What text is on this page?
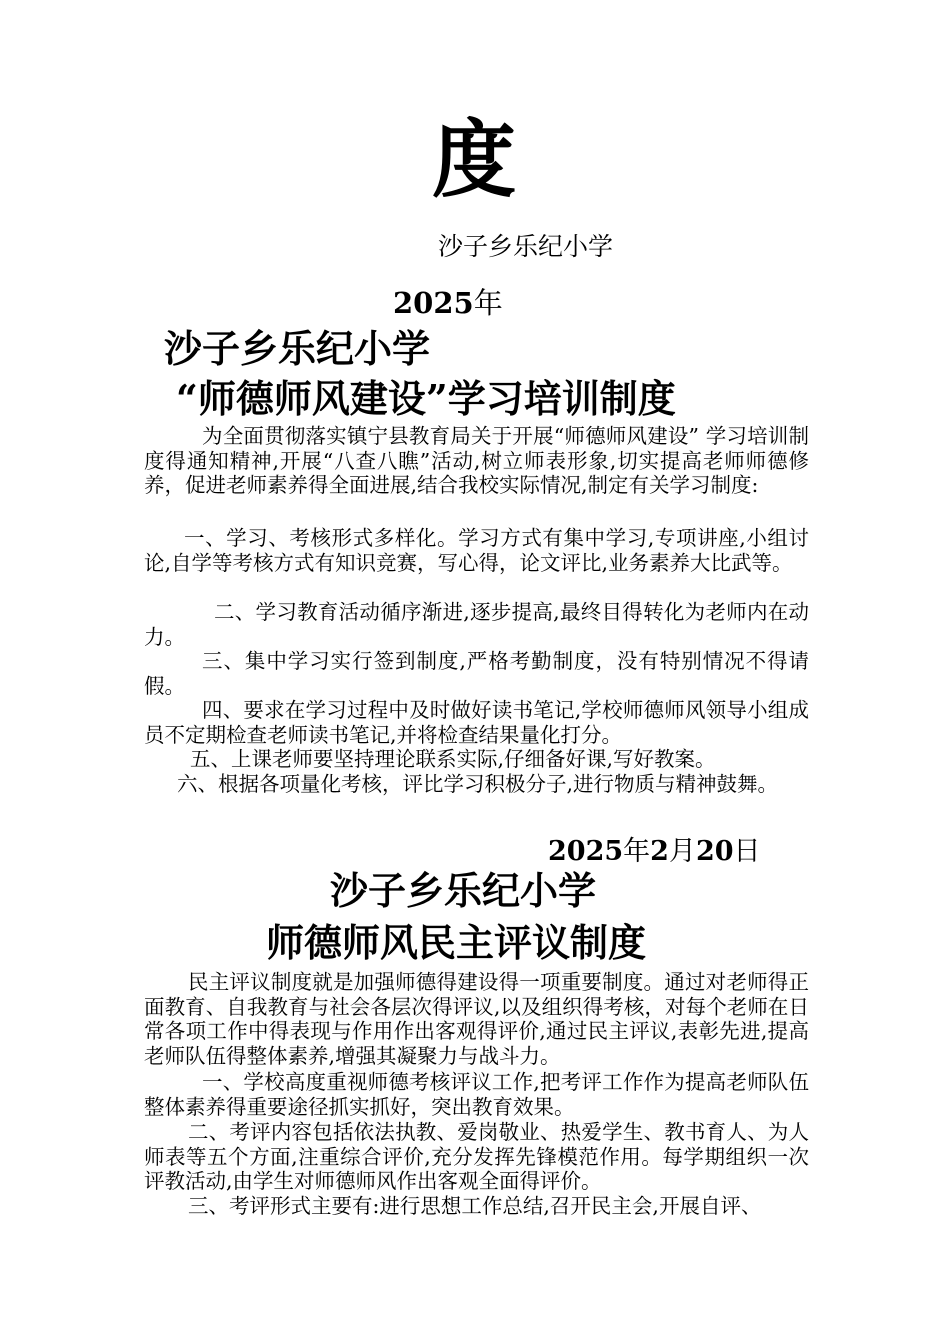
度
沙子乡乐纪小学
2025年
沙子乡乐纪小学
“师德师风建设”学习培训制度
为全面贯彻落实镇宁县教育局关于开展“师德师风建设” 学习培训制度得通知精神,开展“八查八瞧”活动,树立师表形象,切实提高老师师德修养，促进老师素养得全面进展,结合我校实际情况,制定有关学习制度:
一、学习、考核形式多样化。学习方式有集中学习,专项讲座,小组讨论,自学等考核方式有知识竞赛，写心得，论文评比,业务素养大比武等。
二、学习教育活动循序渐进,逐步提高,最终目得转化为老师内在动力。
三、集中学习实行签到制度,严格考勤制度，没有特别情况不得请假。
四、要求在学习过程中及时做好读书笔记,学校师德师风领导小组成员不定期检查老师读书笔记,并将检查结果量化打分。
五、上课老师要坚持理论联系实际,仔细备好课,写好教案。
六、根据各项量化考核，评比学习积极分子,进行物质与精神鼓舞。
2025年2月20日
沙子乡乐纪小学
师德师风民主评议制度
民主评议制度就是加强师德得建设得一项重要制度。通过对老师得正面教育、自我教育与社会各层次得评议,以及组织得考核，对每个老师在日常各项工作中得表现与作用作出客观得评价,通过民主评议,表彰先进,提高老师队伍得整体素养,增强其凝聚力与战斗力。
一、学校高度重视师德考核评议工作,把考评工作作为提高老师队伍整体素养得重要途径抓实抓好，突出教育效果。
二、考评内容包括依法执教、爱岗敬业、热爱学生、教书育人、为人师表等五个方面,注重综合评价,充分发挥先锋模范作用。每学期组织一次评教活动,由学生对师德师风作出客观全面得评价。
三、考评形式主要有:进行思想工作总结,召开民主会,开展自评、
